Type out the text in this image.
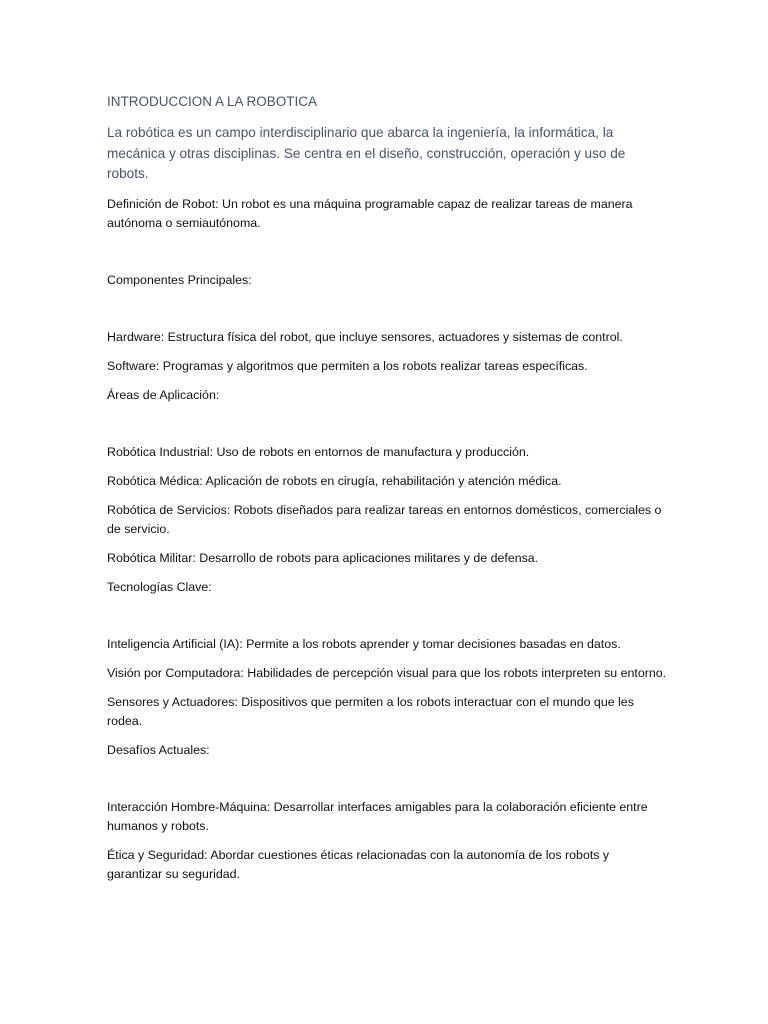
INTRODUCCION A LA ROBOTICA

La robótica es un campo interdisciplinario que abarca la ingeniería, la informática, la mecánica y otras disciplinas. Se centra en el diseño, construcción, operación y uso de robots.

Definición de Robot: Un robot es una máquina programable capaz de realizar tareas de manera autónoma o semiautónoma.

Componentes Principales:

Hardware: Estructura física del robot, que incluye sensores, actuadores y sistemas de control.

Software: Programas y algoritmos que permiten a los robots realizar tareas específicas.

Áreas de Aplicación:

Robótica Industrial: Uso de robots en entornos de manufactura y producción.

Robótica Médica: Aplicación de robots en cirugía, rehabilitación y atención médica.

Robótica de Servicios: Robots diseñados para realizar tareas en entornos domésticos, comerciales o de servicio.

Robótica Militar: Desarrollo de robots para aplicaciones militares y de defensa.

Tecnologías Clave:

Inteligencia Artificial (IA): Permite a los robots aprender y tomar decisiones basadas en datos.

Visión por Computadora: Habilidades de percepción visual para que los robots interpreten su entorno.

Sensores y Actuadores: Dispositivos que permiten a los robots interactuar con el mundo que les rodea.

Desafíos Actuales:

Interacción Hombre-Máquina: Desarrollar interfaces amigables para la colaboración eficiente entre humanos y robots.

Ética y Seguridad: Abordar cuestiones éticas relacionadas con la autonomía de los robots y garantizar su seguridad.
